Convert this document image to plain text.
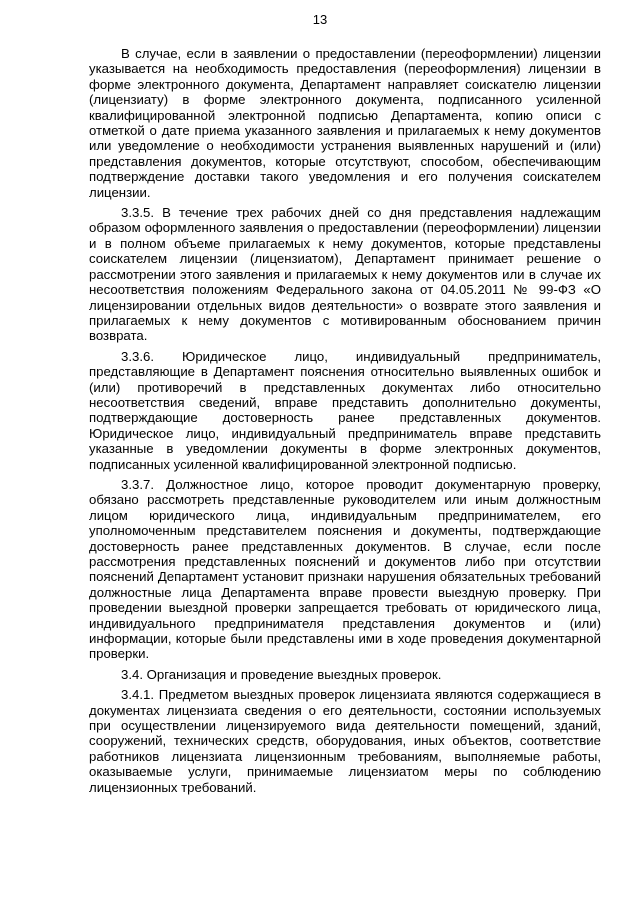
13

В случае, если в заявлении о предоставлении (переоформлении) лицензии указывается на необходимость предоставления (переоформления) лицензии в форме электронного документа, Департамент направляет соискателю лицензии (лицензиату) в форме электронного документа, подписанного усиленной квалифицированной электронной подписью Департамента, копию описи с отметкой о дате приема указанного заявления и прилагаемых к нему документов или уведомление о необходимости устранения выявленных нарушений и (или) представления документов, которые отсутствуют, способом, обеспечивающим подтверждение доставки такого уведомления и его получения соискателем лицензии.

3.3.5. В течение трех рабочих дней со дня представления надлежащим образом оформленного заявления о предоставлении (переоформлении) лицензии и в полном объеме прилагаемых к нему документов, которые представлены соискателем лицензии (лицензиатом), Департамент принимает решение о рассмотрении этого заявления и прилагаемых к нему документов или в случае их несоответствия положениям Федерального закона от 04.05.2011 № 99-ФЗ «О лицензировании отдельных видов деятельности» о возврате этого заявления и прилагаемых к нему документов с мотивированным обоснованием причин возврата.

3.3.6. Юридическое лицо, индивидуальный предприниматель, представляющие в Департамент пояснения относительно выявленных ошибок и (или) противоречий в представленных документах либо относительно несоответствия сведений, вправе представить дополнительно документы, подтверждающие достоверность ранее представленных документов. Юридическое лицо, индивидуальный предприниматель вправе представить указанные в уведомлении документы в форме электронных документов, подписанных усиленной квалифицированной электронной подписью.

3.3.7. Должностное лицо, которое проводит документарную проверку, обязано рассмотреть представленные руководителем или иным должностным лицом юридического лица, индивидуальным предпринимателем, его уполномоченным представителем пояснения и документы, подтверждающие достоверность ранее представленных документов. В случае, если после рассмотрения представленных пояснений и документов либо при отсутствии пояснений Департамент установит признаки нарушения обязательных требований должностные лица Департамента вправе провести выездную проверку. При проведении выездной проверки запрещается требовать от юридического лица, индивидуального предпринимателя представления документов и (или) информации, которые были представлены ими в ходе проведения документарной проверки.

3.4. Организация и проведение выездных проверок.

3.4.1. Предметом выездных проверок лицензиата являются содержащиеся в документах лицензиата сведения о его деятельности, состоянии используемых при осуществлении лицензируемого вида деятельности помещений, зданий, сооружений, технических средств, оборудования, иных объектов, соответствие работников лицензиата лицензионным требованиям, выполняемые работы, оказываемые услуги, принимаемые лицензиатом меры по соблюдению лицензионных требований.
